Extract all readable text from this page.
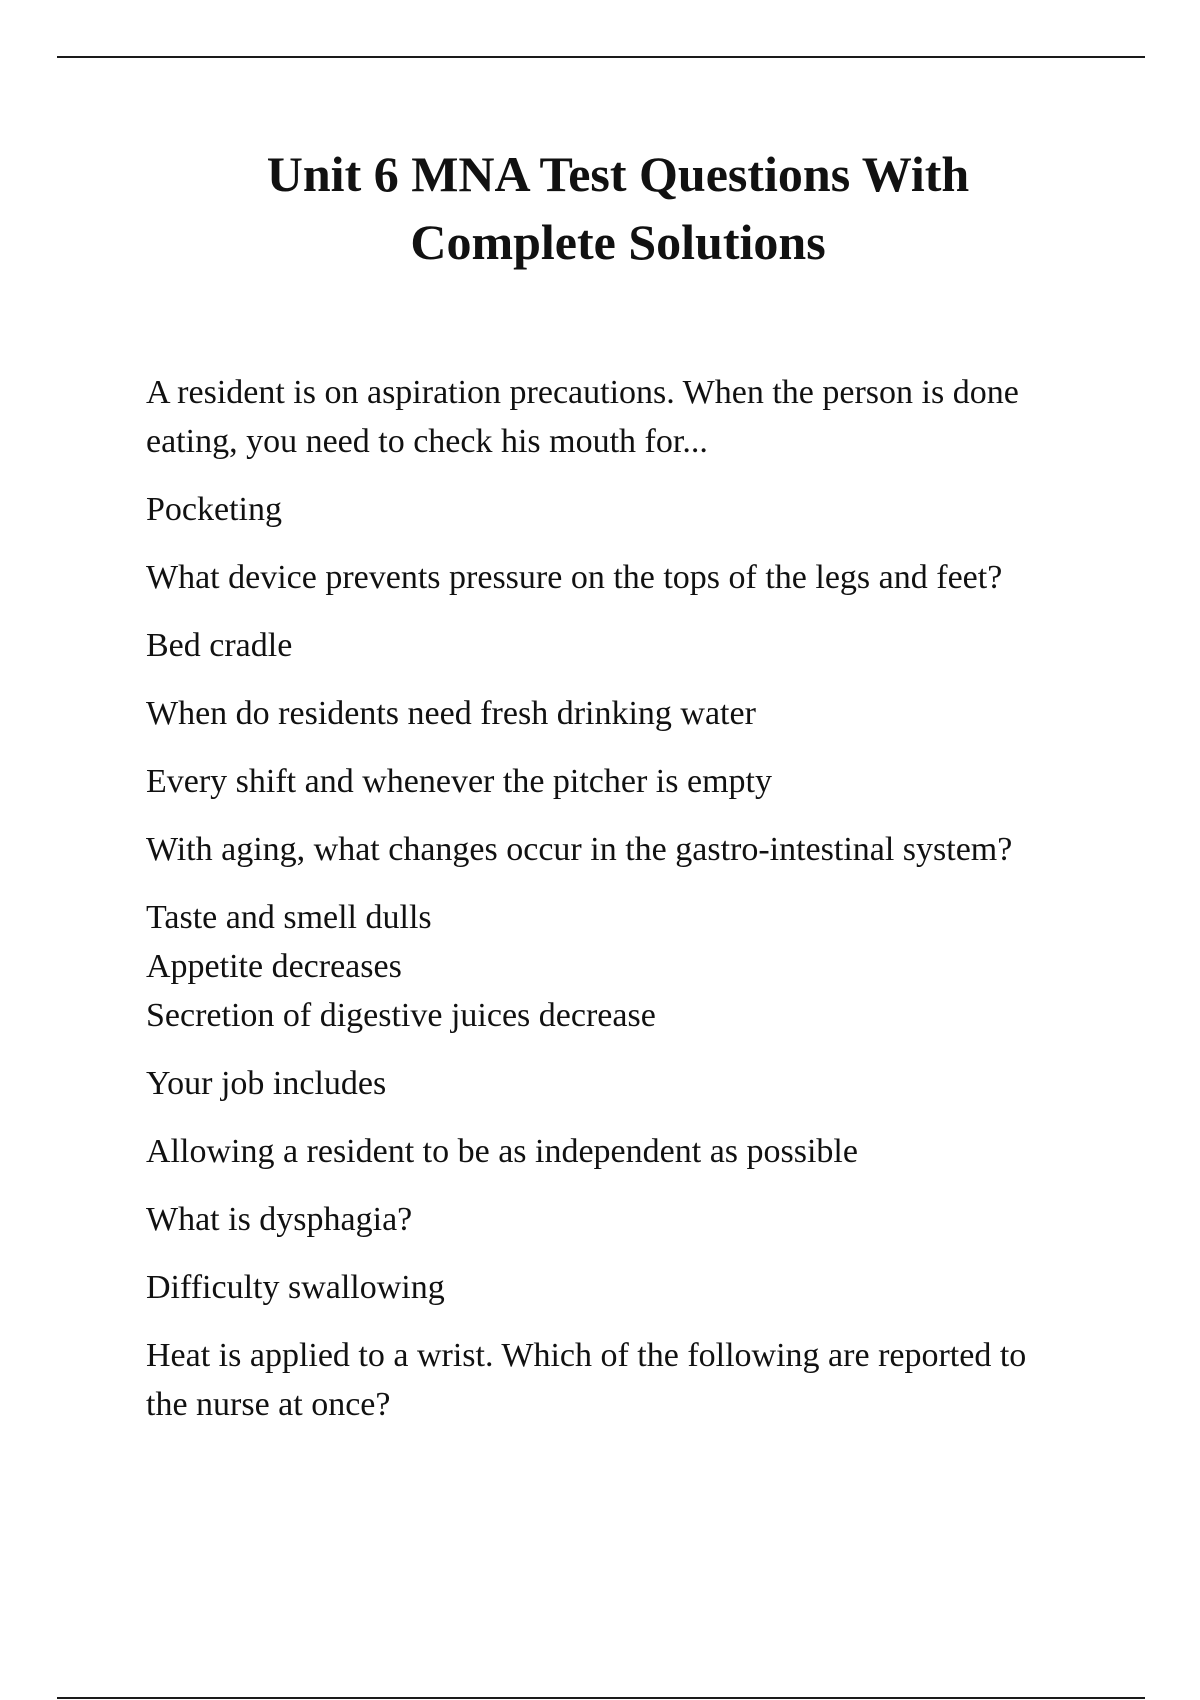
Unit 6 MNA Test Questions With
Complete Solutions

A resident is on aspiration precautions. When the person is done
eating, you need to check his mouth for...

Pocketing

What device prevents pressure on the tops of the legs and feet?

Bed cradle

When do residents need fresh drinking water

Every shift and whenever the pitcher is empty

With aging, what changes occur in the gastro-intestinal system?

Taste and smell dulls
Appetite decreases
Secretion of digestive juices decrease

Your job includes

Allowing a resident to be as independent as possible

What is dysphagia?

Difficulty swallowing

Heat is applied to a wrist. Which of the following are reported to
the nurse at once?
